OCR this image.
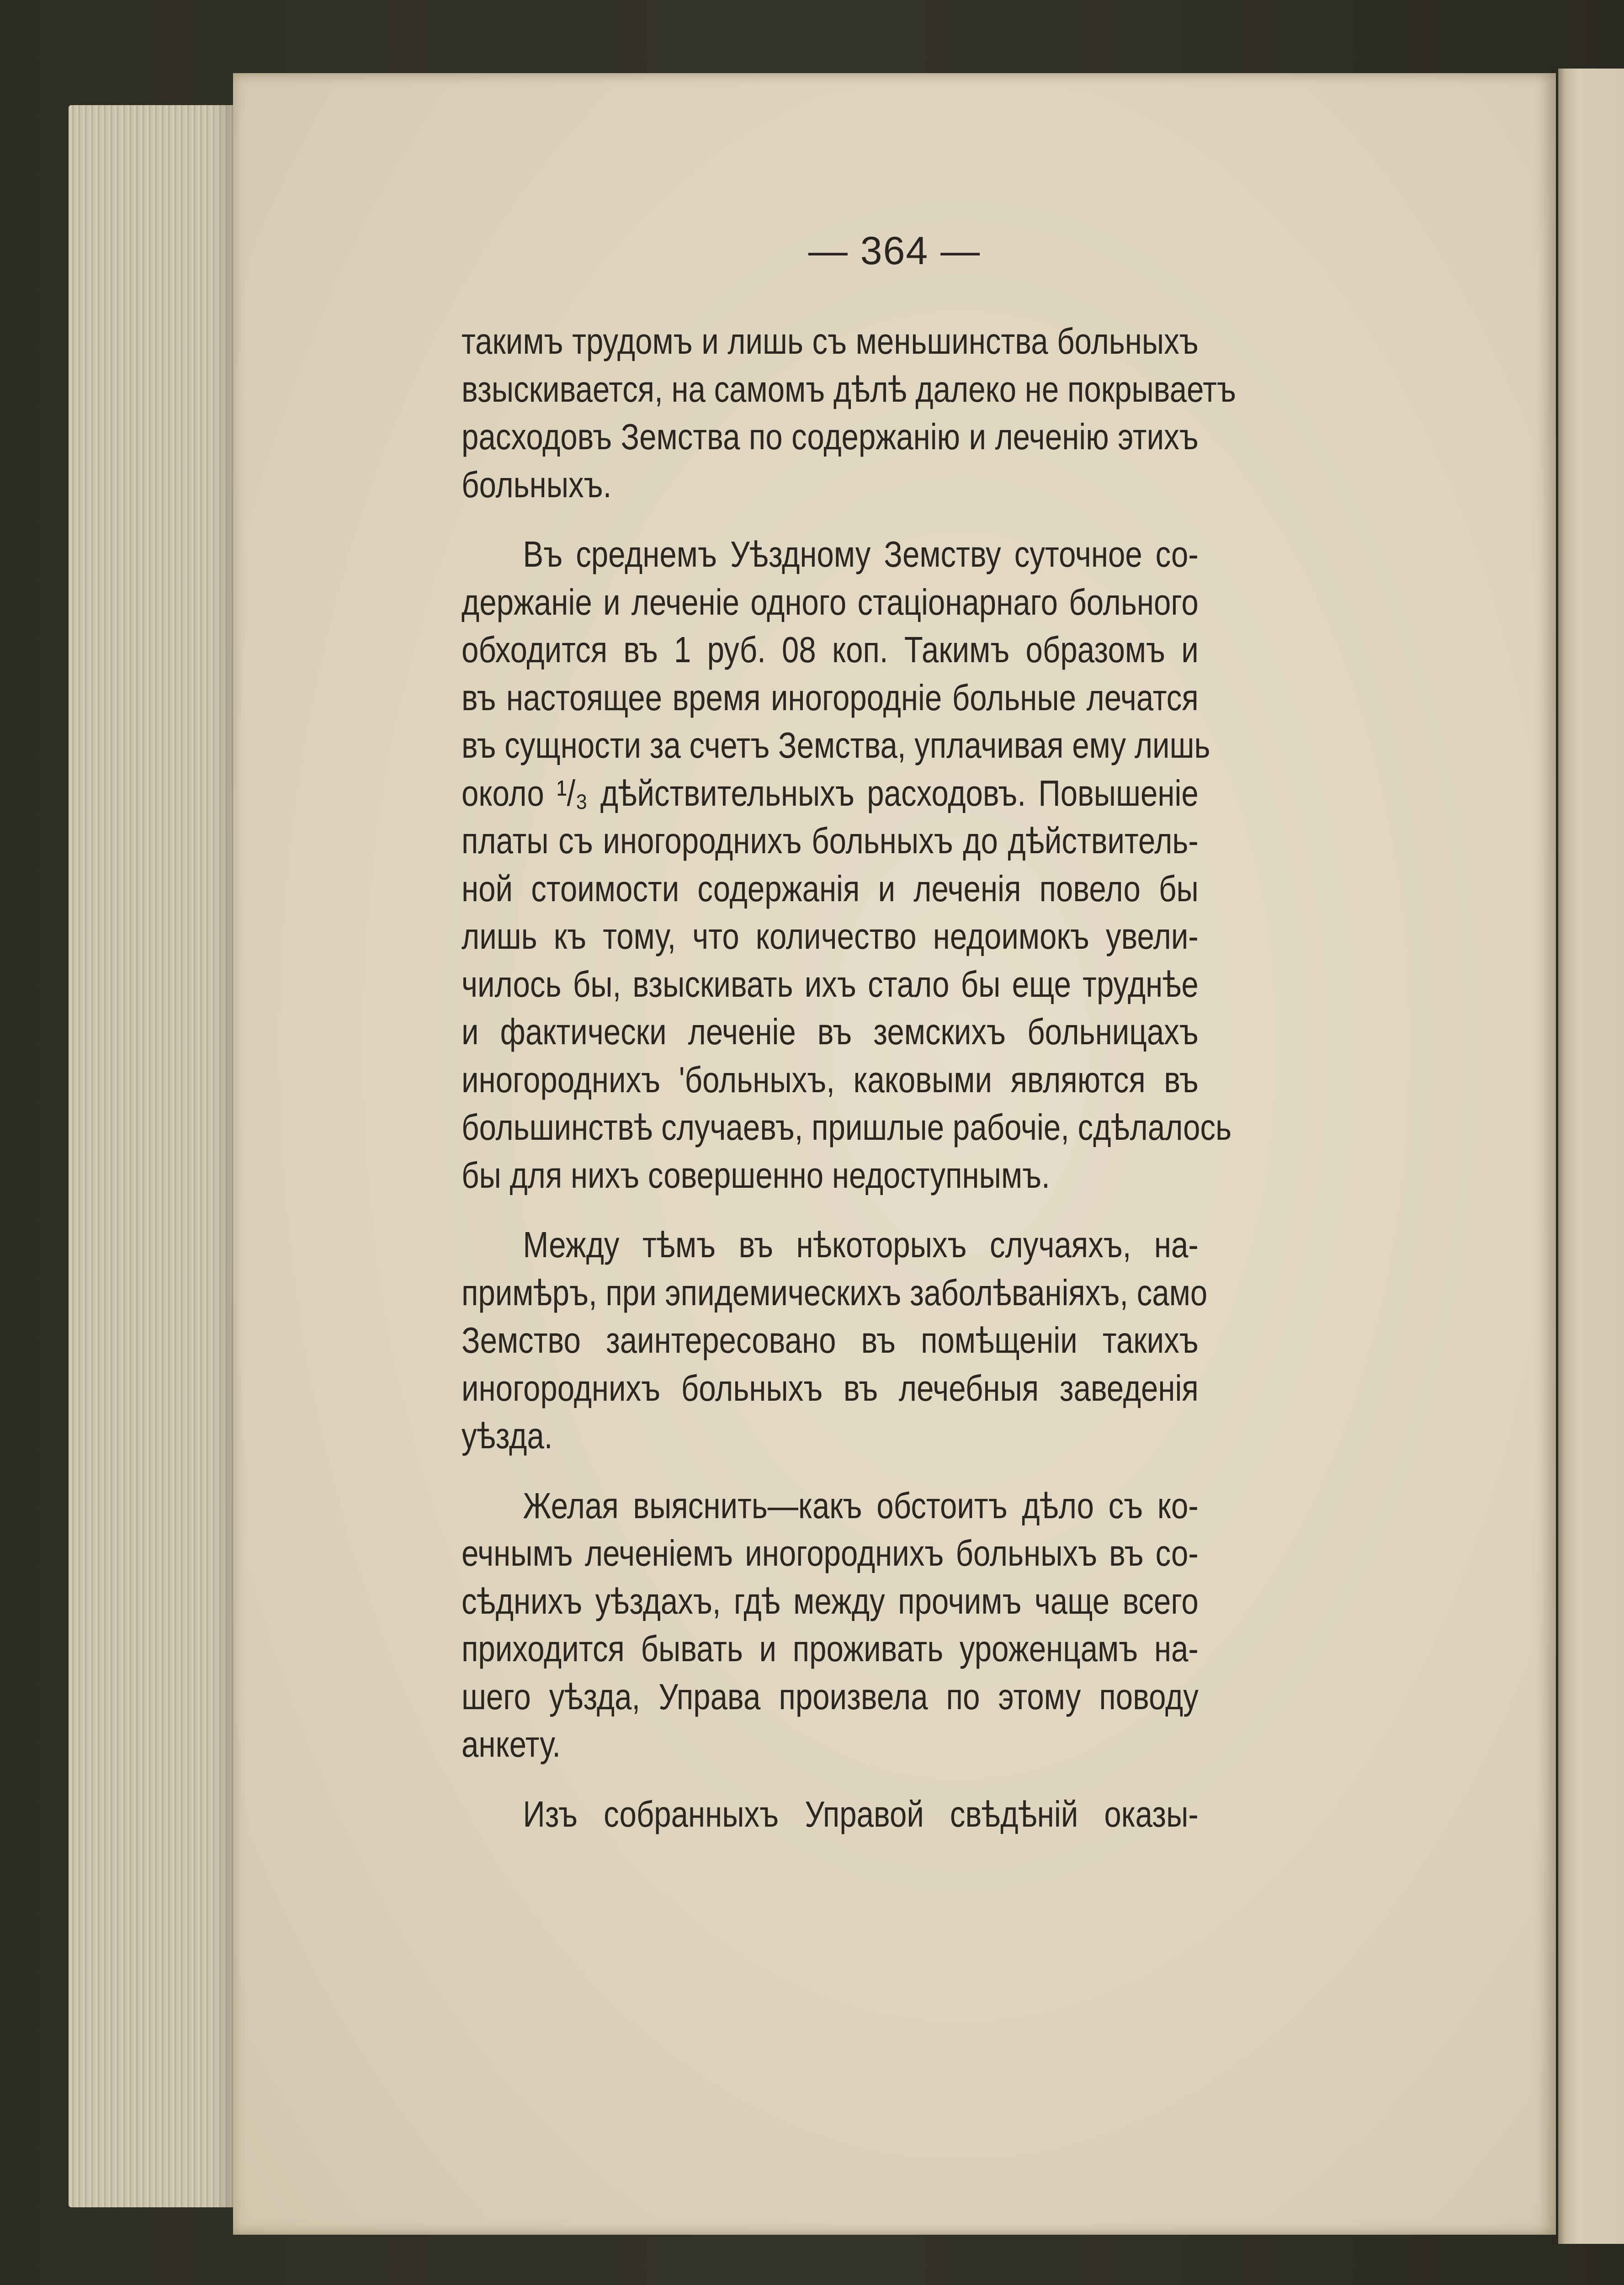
— 364 —
такимъ трудомъ и лишь съ меньшинства больныхъ
взыскивается, на самомъ дѣлѣ далеко не покрываетъ
расходовъ Земства по содержанію и леченію этихъ
больныхъ.
Въ среднемъ Уѣздному Земству суточное со-
держаніе и леченіе одного стаціонарнаго больного
обходится въ 1 руб. 08 коп. Такимъ образомъ и
въ настоящее время иногородніе больные лечатся
въ сущности за счетъ Земства, уплачивая ему лишь
около ¹/₃ дѣйствительныхъ расходовъ. Повышеніе
платы съ иногороднихъ больныхъ до дѣйствитель-
ной стоимости содержанія и леченія повело бы
лишь къ тому, что количество недоимокъ увели-
чилось бы, взыскивать ихъ стало бы еще труднѣе
и фактически леченіе въ земскихъ больницахъ
иногороднихъ 'больныхъ, каковыми являются въ
большинствѣ случаевъ, пришлые рабочіе, сдѣлалось
бы для нихъ совершенно недоступнымъ.
Между тѣмъ въ нѣкоторыхъ случаяхъ, на-
примѣръ, при эпидемическихъ заболѣваніяхъ, само
Земство заинтересовано въ помѣщеніи такихъ
иногороднихъ больныхъ въ лечебныя заведенія
уѣзда.
Желая выяснить—какъ обстоитъ дѣло съ ко-
ечнымъ леченіемъ иногороднихъ больныхъ въ со-
сѣднихъ уѣздахъ, гдѣ между прочимъ чаще всего
приходится бывать и проживать уроженцамъ на-
шего уѣзда, Управа произвела по этому поводу
анкету.
Изъ собранныхъ Управой свѣдѣній оказы-
